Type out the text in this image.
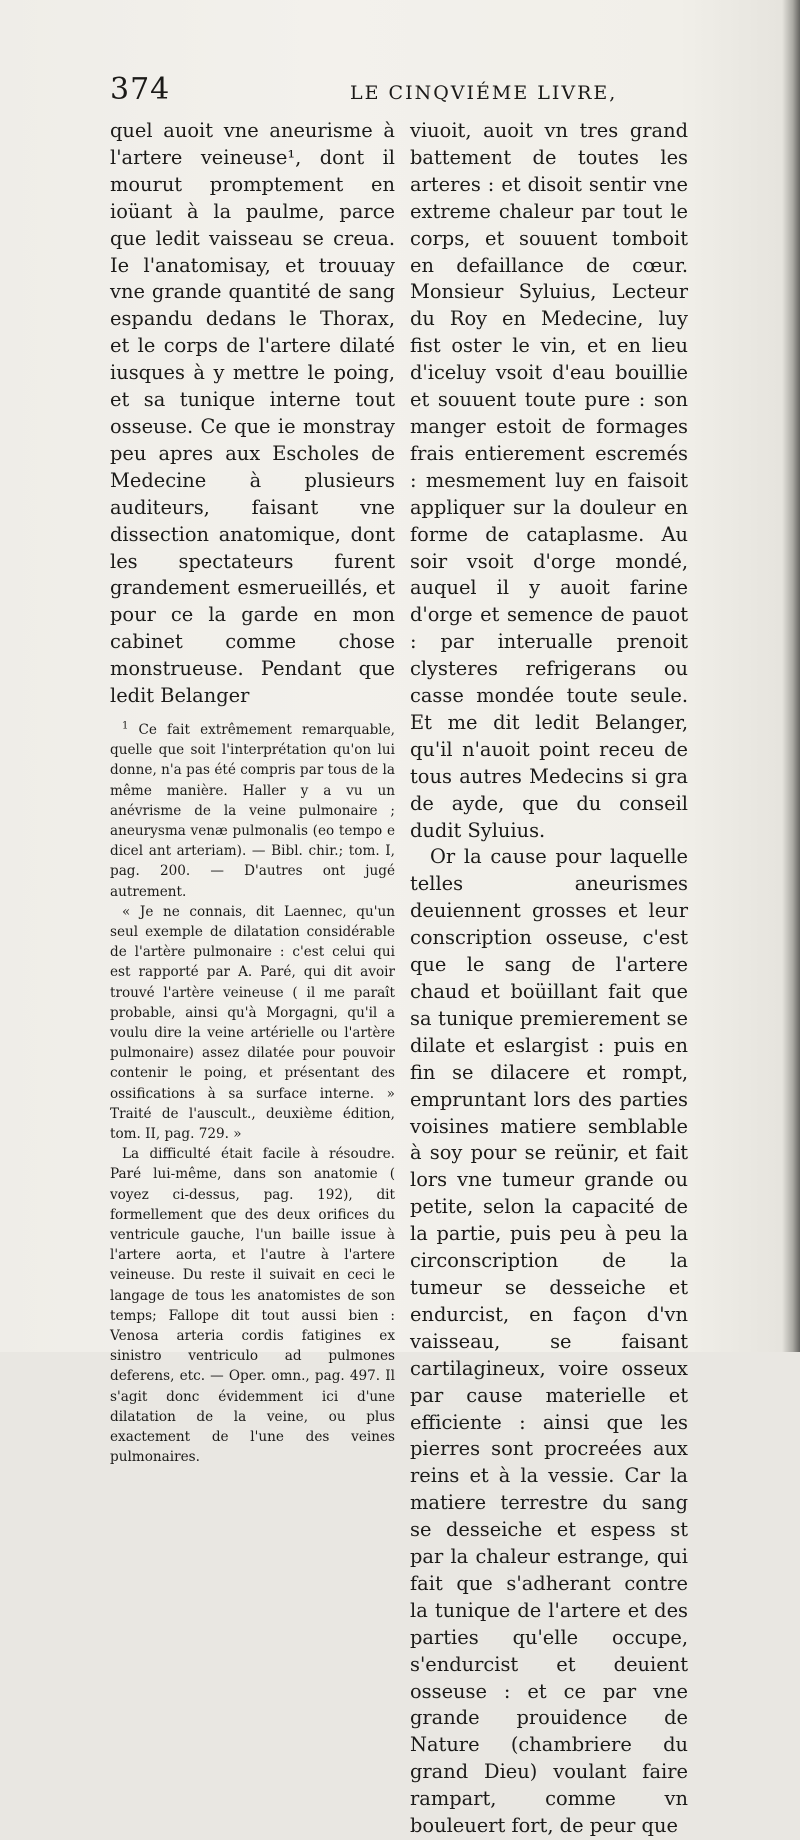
374	LE CINQVIÉME LIVRE,

quel auoit vne aneurisme à l'artere veineuse¹, dont il mourut promptement en ioüant à la paulme, parce que ledit vaisseau se creua. Ie l'anatomisay, et trouuay vne grande quantité de sang espandu dedans le Thorax, et le corps de l'artere dilaté iusques à y mettre le poing, et sa tunique interne tout osseuse. Ce que ie monstray peu apres aux Escholes de Medecine à plusieurs auditeurs, faisant vne dissection anatomique, dont les spectateurs furent grandement esmerueillés, et pour ce la garde en mon cabinet comme chose monstrueuse. Pendant que ledit Belanger

$^1$ Ce fait extrêmement remarquable, quelle que soit l'interprétation qu'on lui donne, n'a pas été compris par tous de la même manière. Haller y a vu un anévrisme de la veine pulmonaire ; aneurysma venæ pulmonalis (eo tempo e dicel ant arteriam). — Bibl. chir.; tom. I, pag. 200. — D'autres ont jugé autrement.

« Je ne connais, dit Laennec, qu'un seul exemple de dilatation considérable de l'artère pulmonaire : c'est celui qui est rapporté par A. Paré, qui dit avoir trouvé l'artère veineuse ( il me paraît probable, ainsi qu'à Morgagni, qu'il a voulu dire la veine artérielle ou l'artère pulmonaire) assez dilatée pour pouvoir contenir le poing, et présentant des ossifications à sa surface interne. » Traité de l'auscult., deuxième édition, tom. II, pag. 729. »

La difficulté était facile à résoudre. Paré lui-même, dans son anatomie ( voyez ci-dessus, pag. 192), dit formellement que des deux orifices du ventricule gauche, l'un baille issue à l'artere aorta, et l'autre à l'artere veineuse. Du reste il suivait en ceci le langage de tous les anatomistes de son temps; Fallope dit tout aussi bien : Venosa arteria cordis fatigines ex sinistro ventriculo ad pulmones deferens, etc. — Oper. omn., pag. 497. Il s'agit donc évidemment ici d'une dilatation de la veine, ou plus exactement de l'une des veines pulmonaires.

viuoit, auoit vn tres grand battement de toutes les arteres : et disoit sentir vne extreme chaleur par tout le corps, et souuent tomboit en defaillance de cœur. Monsieur Syluius, Lecteur du Roy en Medecine, luy fist oster le vin, et en lieu d'iceluy vsoit d'eau bouillie et souuent toute pure : son manger estoit de formages frais entierement escremés : mesmement luy en faisoit appliquer sur la douleur en forme de cataplasme. Au soir vsoit d'orge mondé, auquel il y auoit farine d'orge et semence de pauot : par interualle prenoit clysteres refrigerans ou casse mondée toute seule. Et me dit ledit Belanger, qu'il n'auoit point receu de tous autres Medecins si gra de ayde, que du conseil dudit Syluius.

Or la cause pour laquelle telles aneurismes deuiennent grosses et leur conscription osseuse, c'est que le sang de l'artere chaud et boüillant fait que sa tunique premierement se dilate et eslargist : puis en fin se dilacere et rompt, empruntant lors des parties voisines matiere semblable à soy pour se reünir, et fait lors vne tumeur grande ou petite, selon la capacité de la partie, puis peu à peu la circonscription de la tumeur se desseiche et endurcist, en façon d'vn vaisseau, se faisant cartilagineux, voire osseux par cause materielle et efficiente : ainsi que les pierres sont procreées aux reins et à la vessie. Car la matiere terrestre du sang se desseiche et espess st par la chaleur estrange, qui fait que s'adherant contre la tunique de l'artere et des parties qu'elle occupe, s'endurcist et deuient osseuse : et ce par vne grande prouidence de Nature (chambriere du grand Dieu) voulant faire rampart, comme vn bouleuert fort, de peur que
